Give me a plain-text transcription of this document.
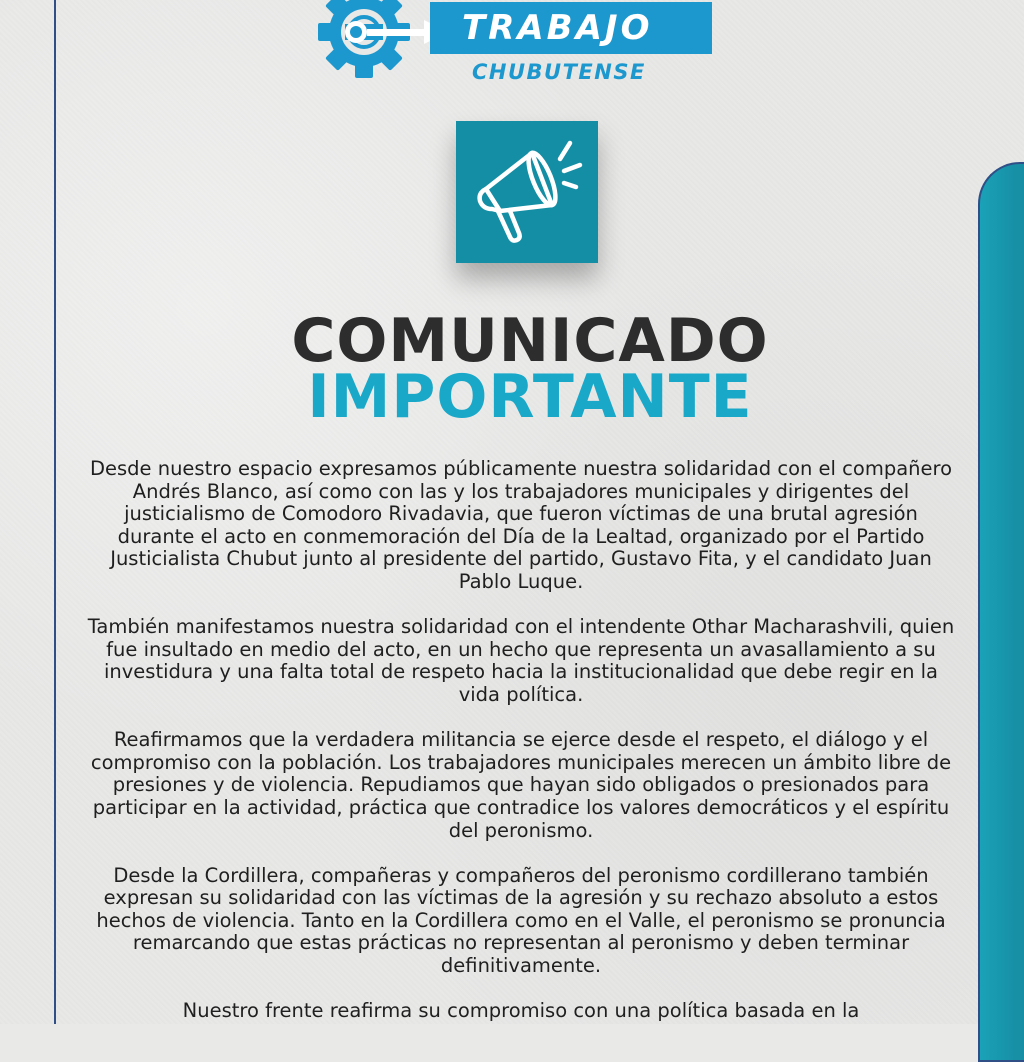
TRABAJO
CHUBUTENSE
COMUNICADO
IMPORTANTE

Desde nuestro espacio expresamos públicamente nuestra solidaridad con el compañero Andrés Blanco, así como con las y los trabajadores municipales y dirigentes del justicialismo de Comodoro Rivadavia, que fueron víctimas de una brutal agresión durante el acto en conmemoración del Día de la Lealtad, organizado por el Partido Justicialista Chubut junto al presidente del partido, Gustavo Fita, y el candidato Juan Pablo Luque.

También manifestamos nuestra solidaridad con el intendente Othar Macharashvili, quien fue insultado en medio del acto, en un hecho que representa un avasallamiento a su investidura y una falta total de respeto hacia la institucionalidad que debe regir en la vida política.

Reafirmamos que la verdadera militancia se ejerce desde el respeto, el diálogo y el compromiso con la población. Los trabajadores municipales merecen un ámbito libre de presiones y de violencia. Repudiamos que hayan sido obligados o presionados para participar en la actividad, práctica que contradice los valores democráticos y el espíritu del peronismo.

Desde la Cordillera, compañeras y compañeros del peronismo cordillerano también expresan su solidaridad con las víctimas de la agresión y su rechazo absoluto a estos hechos de violencia. Tanto en la Cordillera como en el Valle, el peronismo se pronuncia remarcando que estas prácticas no representan al peronismo y deben terminar definitivamente.

Nuestro frente reafirma su compromiso con una política basada en la
